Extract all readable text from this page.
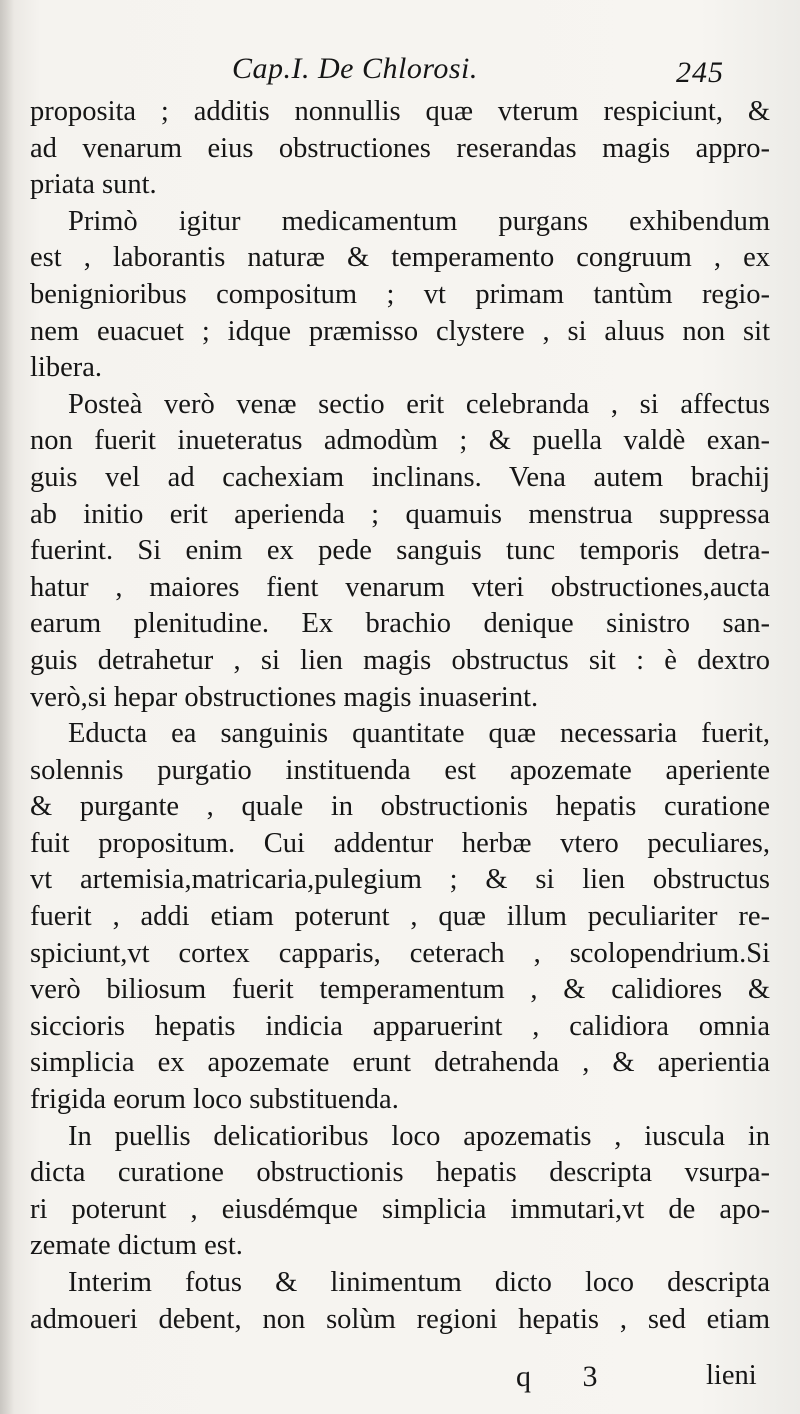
Cap.I. De Chlorosi.	245
proposita ; additis nonnullis quæ vterum respiciunt, &
ad venarum eius obstructiones reserandas magis appro-
priata sunt.
Primò igitur medicamentum purgans exhibendum
est , laborantis naturæ & temperamento congruum , ex
benignioribus compositum ; vt primam tantùm regio-
nem euacuet ; idque præmisso clystere , si aluus non sit
libera.
Posteà verò venæ sectio erit celebranda , si affectus
non fuerit inueteratus admodùm ; & puella valdè exan-
guis vel ad cachexiam inclinans. Vena autem brachij
ab initio erit aperienda ; quamuis menstrua suppressa
fuerint. Si enim ex pede sanguis tunc temporis detra-
hatur , maiores fient venarum vteri obstructiones,aucta
earum plenitudine. Ex brachio denique sinistro san-
guis detrahetur , si lien magis obstructus sit : è dextro
verò,si hepar obstructiones magis inuaserint.
Educta ea sanguinis quantitate quæ necessaria fuerit,
solennis purgatio instituenda est apozemate aperiente
& purgante , quale in obstructionis hepatis curatione
fuit propositum. Cui addentur herbæ vtero peculiares,
vt artemisia,matricaria,pulegium ; & si lien obstructus
fuerit , addi etiam poterunt , quæ illum peculiariter re-
spiciunt,vt cortex capparis, ceterach , scolopendrium.Si
verò biliosum fuerit temperamentum , & calidiores &
siccioris hepatis indicia apparuerint , calidiora omnia
simplicia ex apozemate erunt detrahenda , & aperientia
frigida eorum loco substituenda.
In puellis delicatioribus loco apozematis , iuscula in
dicta curatione obstructionis hepatis descripta vsurpa-
ri poterunt , eiusdémque simplicia immutari,vt de apo-
zemate dictum est.
Interim fotus & linimentum dicto loco descripta
admoueri debent, non solùm regioni hepatis , sed etiam
q 3	lieni
